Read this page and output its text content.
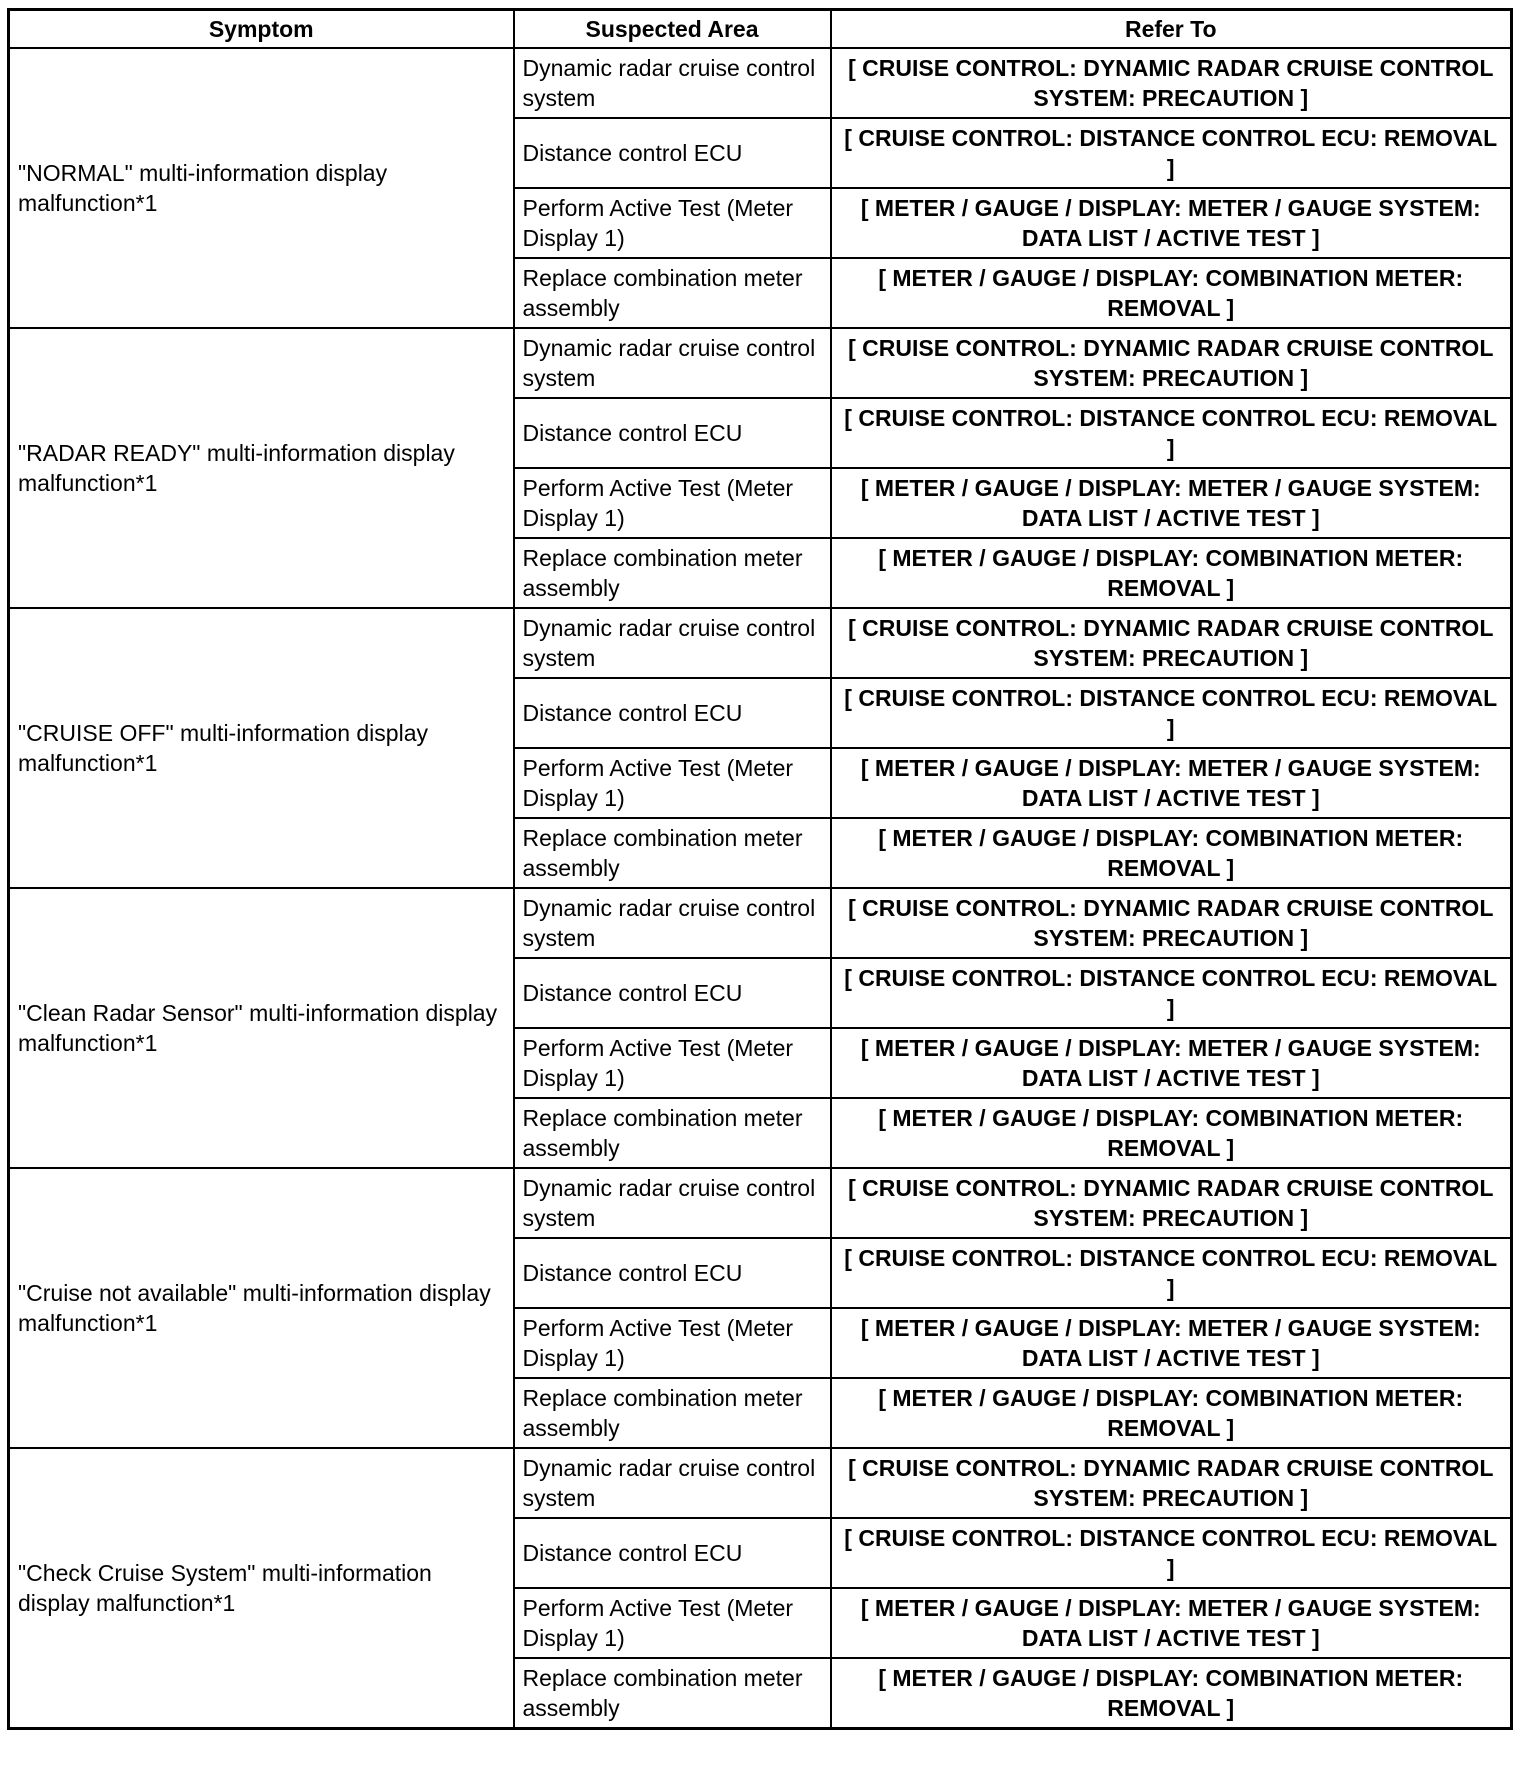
Symptom	Suspected Area	Refer To
"NORMAL" multi-information display malfunction*1	Dynamic radar cruise control system	[ CRUISE CONTROL: DYNAMIC RADAR CRUISE CONTROL SYSTEM: PRECAUTION ]
	Distance control ECU	[ CRUISE CONTROL: DISTANCE CONTROL ECU: REMOVAL ]
	Perform Active Test (Meter Display 1)	[ METER / GAUGE / DISPLAY: METER / GAUGE SYSTEM: DATA LIST / ACTIVE TEST ]
	Replace combination meter assembly	[ METER / GAUGE / DISPLAY: COMBINATION METER: REMOVAL ]
"RADAR READY" multi-information display malfunction*1	Dynamic radar cruise control system	[ CRUISE CONTROL: DYNAMIC RADAR CRUISE CONTROL SYSTEM: PRECAUTION ]
	Distance control ECU	[ CRUISE CONTROL: DISTANCE CONTROL ECU: REMOVAL ]
	Perform Active Test (Meter Display 1)	[ METER / GAUGE / DISPLAY: METER / GAUGE SYSTEM: DATA LIST / ACTIVE TEST ]
	Replace combination meter assembly	[ METER / GAUGE / DISPLAY: COMBINATION METER: REMOVAL ]
"CRUISE OFF" multi-information display malfunction*1	Dynamic radar cruise control system	[ CRUISE CONTROL: DYNAMIC RADAR CRUISE CONTROL SYSTEM: PRECAUTION ]
	Distance control ECU	[ CRUISE CONTROL: DISTANCE CONTROL ECU: REMOVAL ]
	Perform Active Test (Meter Display 1)	[ METER / GAUGE / DISPLAY: METER / GAUGE SYSTEM: DATA LIST / ACTIVE TEST ]
	Replace combination meter assembly	[ METER / GAUGE / DISPLAY: COMBINATION METER: REMOVAL ]
"Clean Radar Sensor" multi-information display malfunction*1	Dynamic radar cruise control system	[ CRUISE CONTROL: DYNAMIC RADAR CRUISE CONTROL SYSTEM: PRECAUTION ]
	Distance control ECU	[ CRUISE CONTROL: DISTANCE CONTROL ECU: REMOVAL ]
	Perform Active Test (Meter Display 1)	[ METER / GAUGE / DISPLAY: METER / GAUGE SYSTEM: DATA LIST / ACTIVE TEST ]
	Replace combination meter assembly	[ METER / GAUGE / DISPLAY: COMBINATION METER: REMOVAL ]
"Cruise not available" multi-information display malfunction*1	Dynamic radar cruise control system	[ CRUISE CONTROL: DYNAMIC RADAR CRUISE CONTROL SYSTEM: PRECAUTION ]
	Distance control ECU	[ CRUISE CONTROL: DISTANCE CONTROL ECU: REMOVAL ]
	Perform Active Test (Meter Display 1)	[ METER / GAUGE / DISPLAY: METER / GAUGE SYSTEM: DATA LIST / ACTIVE TEST ]
	Replace combination meter assembly	[ METER / GAUGE / DISPLAY: COMBINATION METER: REMOVAL ]
"Check Cruise System" multi-information display malfunction*1	Dynamic radar cruise control system	[ CRUISE CONTROL: DYNAMIC RADAR CRUISE CONTROL SYSTEM: PRECAUTION ]
	Distance control ECU	[ CRUISE CONTROL: DISTANCE CONTROL ECU: REMOVAL ]
	Perform Active Test (Meter Display 1)	[ METER / GAUGE / DISPLAY: METER / GAUGE SYSTEM: DATA LIST / ACTIVE TEST ]
	Replace combination meter assembly	[ METER / GAUGE / DISPLAY: COMBINATION METER: REMOVAL ]
